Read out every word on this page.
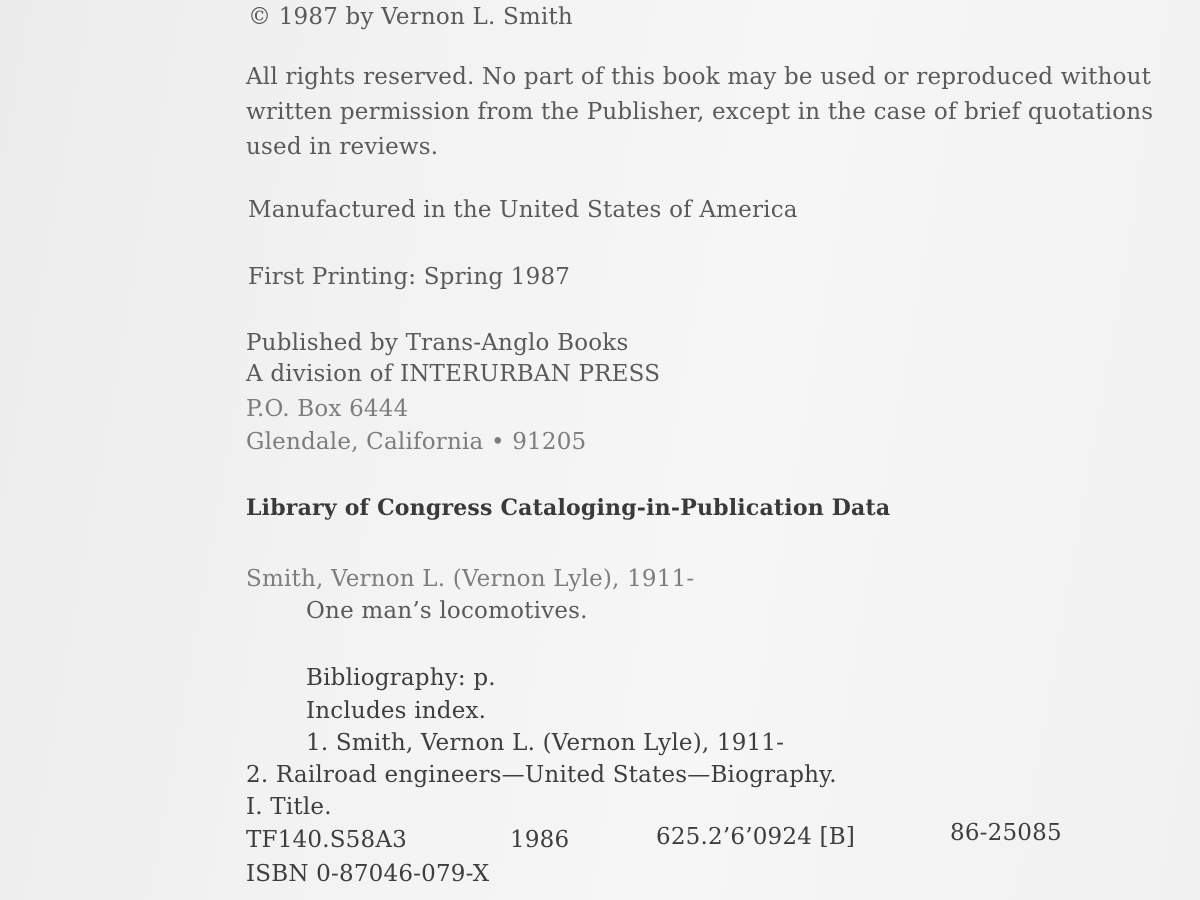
© 1987 by Vernon L. Smith
All rights reserved. No part of this book may be used or reproduced without
written permission from the Publisher, except in the case of brief quotations
used in reviews.
Manufactured in the United States of America
First Printing: Spring 1987
Published by Trans-Anglo Books
A division of INTERURBAN PRESS
P.O. Box 6444
Glendale, California • 91205
Library of Congress Cataloging-in-Publication Data
Smith, Vernon L. (Vernon Lyle), 1911-
One man’s locomotives.
Bibliography: p.
Includes index.
1. Smith, Vernon L. (Vernon Lyle), 1911-
2. Railroad engineers—United States—Biography.
I. Title.
TF140.S58A3	1986	625.2’6’0924 [B]	86-25085
ISBN 0-87046-079-X
